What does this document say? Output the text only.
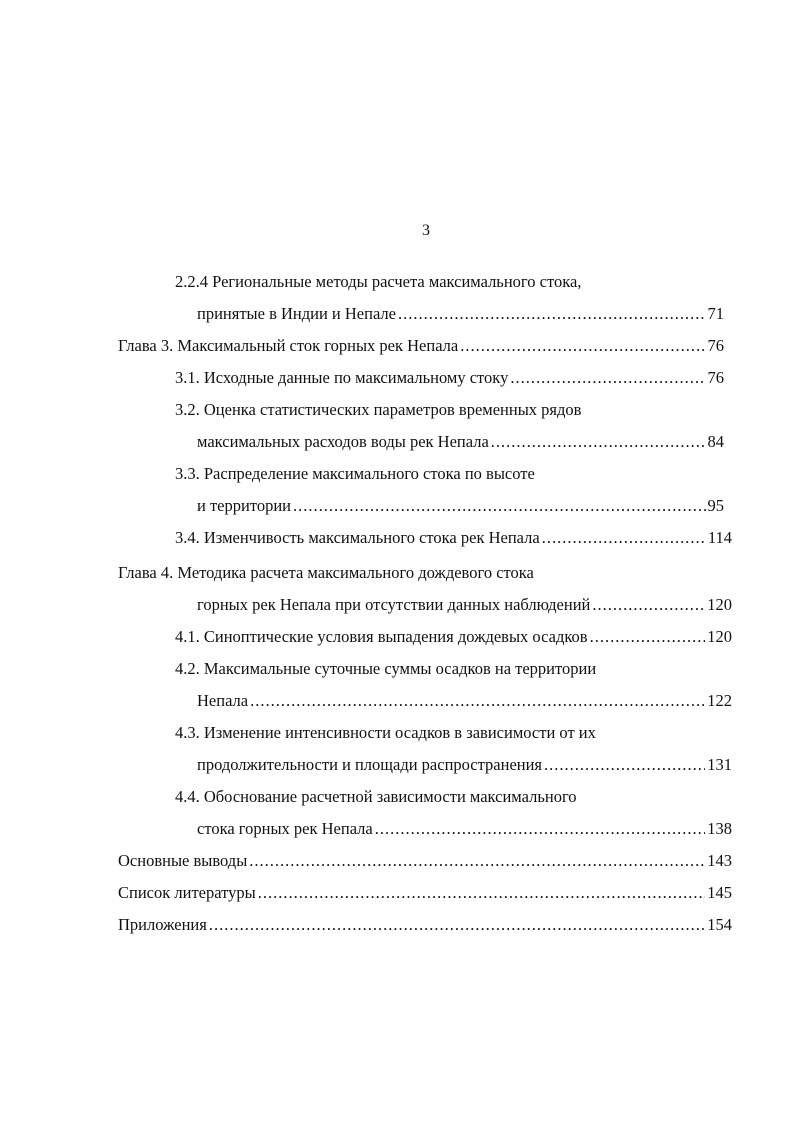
3
2.2.4 Региональные методы расчета максимального стока,
принятые в Индии и Непале .....	71
Глава 3. Максимальный сток горных рек Непала .....	76
3.1. Исходные данные по максимальному стоку .....	76
3.2. Оценка статистических параметров временных рядов
максимальных расходов воды рек Непала .....	84
3.3. Распределение максимального стока по высоте
и территории .....	95
3.4. Изменчивость максимального стока рек Непала .....	114
Глава 4. Методика расчета максимального дождевого стока
горных рек Непала при отсутствии данных наблюдений .....	120
4.1. Синоптические условия выпадения дождевых осадков .....	120
4.2. Максимальные суточные суммы осадков на территории
Непала .....	122
4.3. Изменение интенсивности осадков в зависимости от их
продолжительности и площади распространения .....	131
4.4. Обоснование расчетной зависимости максимального
стока горных рек Непала .....	138
Основные выводы .....	143
Список литературы .....	145
Приложения .....	154
